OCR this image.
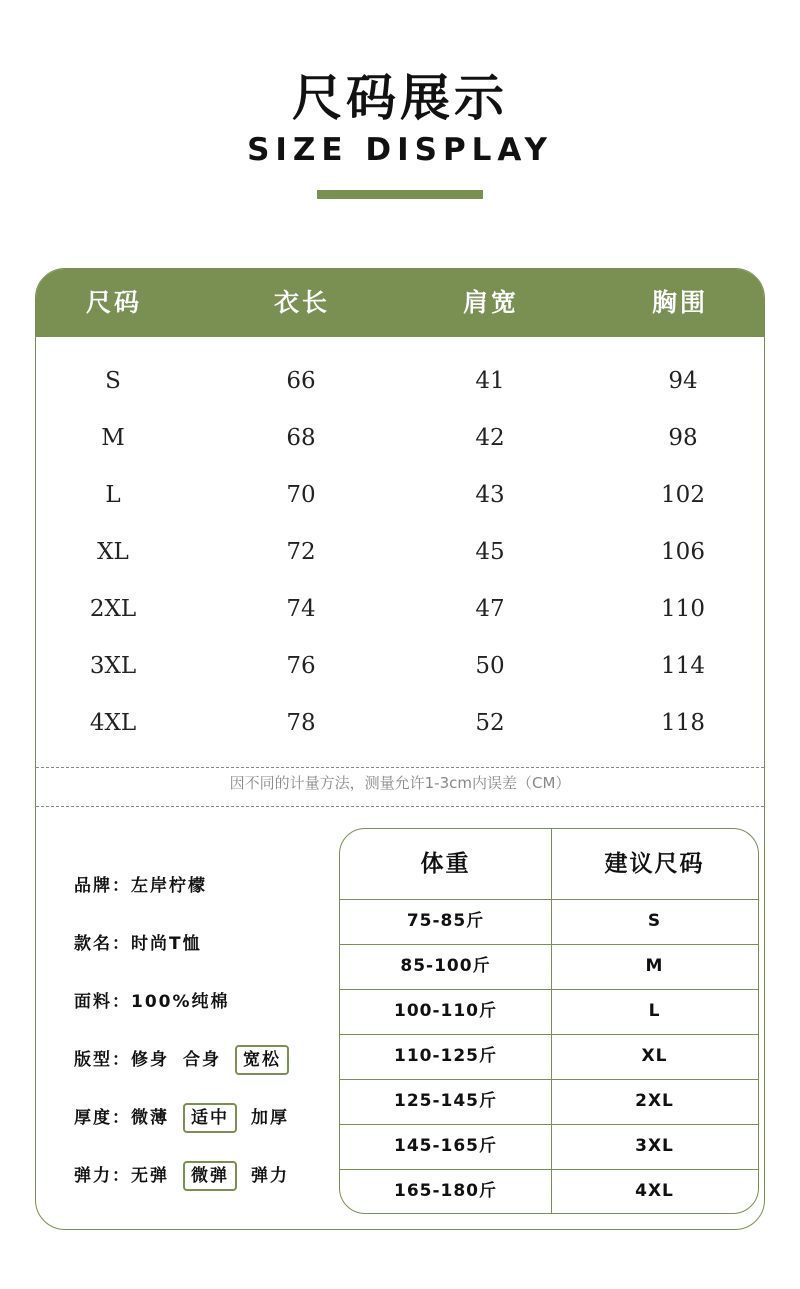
尺码展示
SIZE DISPLAY
尺码	衣长	肩宽	胸围
S	66	41	94
M	68	42	98
L	70	43	102
XL	72	45	106
2XL	74	47	110
3XL	76	50	114
4XL	78	52	118
因不同的计量方法，测量允许1-3cm内误差（CM）
品牌：左岸柠檬
款名：时尚T恤
面料：100%纯棉
版型：修身 合身 宽松
厚度：微薄 适中 加厚
弹力：无弹 微弹 弹力
体重	建议尺码
75-85斤	S
85-100斤	M
100-110斤	L
110-125斤	XL
125-145斤	2XL
145-165斤	3XL
165-180斤	4XL
